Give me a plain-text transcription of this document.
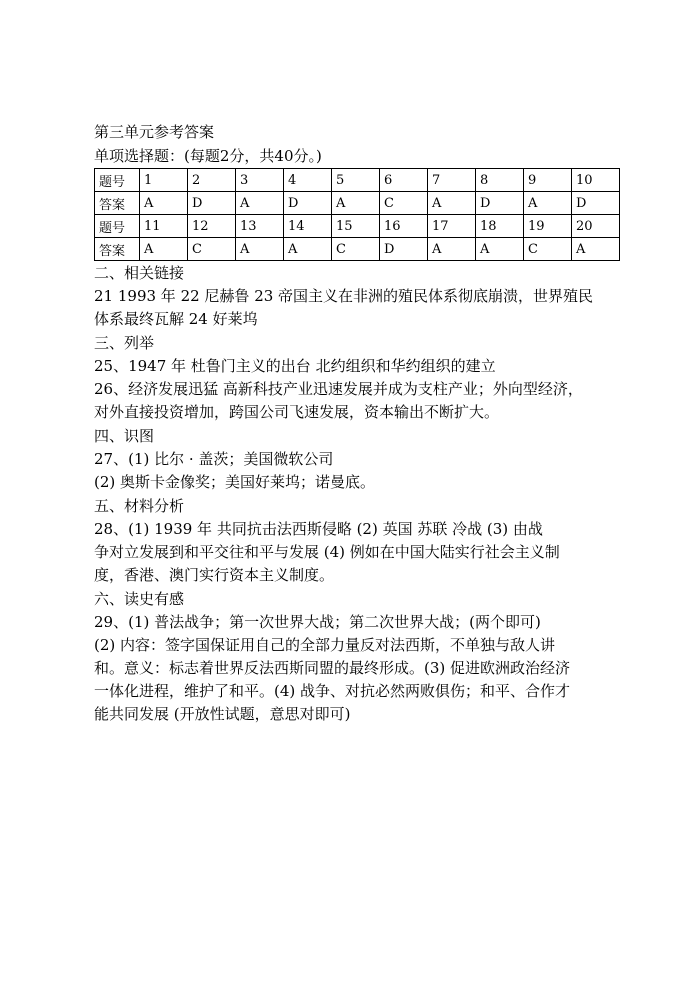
第三单元参考答案
单项选择题：(每题2分，共40分。)
题号	1	2	3	4	5	6	7	8	9	10
答案	A	D	A	D	A	C	A	D	A	D
题号	11	12	13	14	15	16	17	18	19	20
答案	A	C	A	A	C	D	A	A	C	A
二、相关链接

21 1993 年 22 尼赫鲁 23 帝国主义在非洲的殖民体系彻底崩溃，世界殖民

体系最终瓦解 24 好莱坞

三、列举

25、1947 年 杜鲁门主义的出台 北约组织和华约组织的建立

26、经济发展迅猛 高新科技产业迅速发展并成为支柱产业；外向型经济，

对外直接投资增加，跨国公司飞速发展，资本输出不断扩大。

四、识图

27、(1) 比尔 · 盖茨；美国微软公司

(2) 奥斯卡金像奖；美国好莱坞；诺曼底。

五、材料分析

28、(1) 1939 年 共同抗击法西斯侵略 (2) 英国 苏联 冷战 (3) 由战

争对立发展到和平交往和平与发展 (4) 例如在中国大陆实行社会主义制

度，香港、澳门实行资本主义制度。

六、读史有感

29、(1) 普法战争；第一次世界大战；第二次世界大战；(两个即可)

(2) 内容：签字国保证用自己的全部力量反对法西斯，不单独与敌人讲

和。意义：标志着世界反法西斯同盟的最终形成。(3) 促进欧洲政治经济

一体化进程，维护了和平。(4) 战争、对抗必然两败俱伤；和平、合作才

能共同发展 (开放性试题，意思对即可)
